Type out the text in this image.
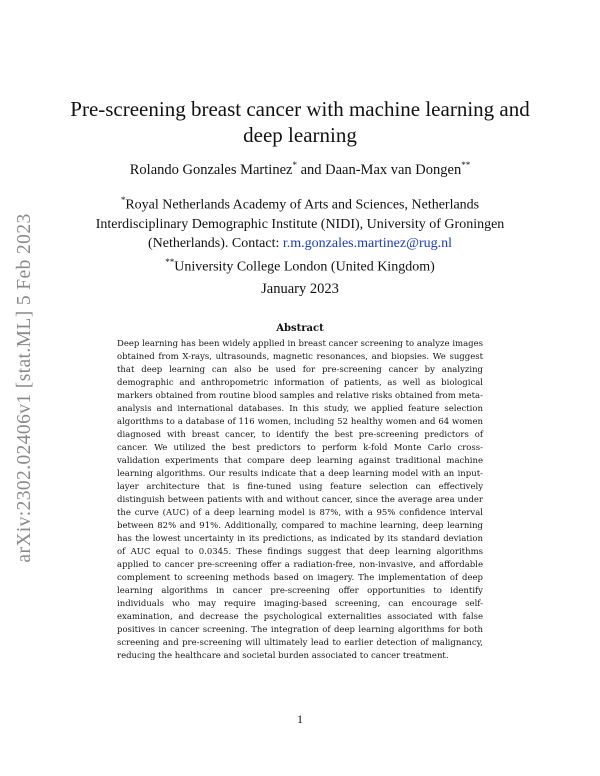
arXiv:2302.02406v1 [stat.ML] 5 Feb 2023
Pre-screening breast cancer with machine learning and deep learning
Rolando Gonzales Martinez* and Daan-Max van Dongen**
*Royal Netherlands Academy of Arts and Sciences, Netherlands Interdisciplinary Demographic Institute (NIDI), University of Groningen (Netherlands). Contact: r.m.gonzales.martinez@rug.nl
**University College London (United Kingdom)
January 2023
Abstract
Deep learning has been widely applied in breast cancer screening to analyze images obtained from X-rays, ultrasounds, magnetic resonances, and biopsies. We suggest that deep learning can also be used for pre-screening cancer by analyzing demographic and anthropometric information of patients, as well as biological markers obtained from routine blood samples and relative risks obtained from meta-analysis and international databases. In this study, we applied feature selection algorithms to a database of 116 women, including 52 healthy women and 64 women diagnosed with breast cancer, to identify the best pre-screening predictors of cancer. We utilized the best predictors to perform k-fold Monte Carlo cross-validation experiments that compare deep learning against traditional machine learning algorithms. Our results indicate that a deep learning model with an input-layer architecture that is fine-tuned using feature selection can effectively distinguish between patients with and without cancer, since the average area under the curve (AUC) of a deep learning model is 87%, with a 95% confidence interval between 82% and 91%. Additionally, compared to machine learning, deep learning has the lowest uncertainty in its predictions, as indicated by its standard deviation of AUC equal to 0.0345. These findings suggest that deep learning algorithms applied to cancer pre-screening offer a radiation-free, non-invasive, and affordable complement to screening methods based on imagery. The implementation of deep learning algorithms in cancer pre-screening offer opportunities to identify individuals who may require imaging-based screening, can encourage self-examination, and decrease the psychological externalities associated with false positives in cancer screening. The integration of deep learning algorithms for both screening and pre-screening will ultimately lead to earlier detection of malignancy, reducing the healthcare and societal burden associated to cancer treatment.
1
